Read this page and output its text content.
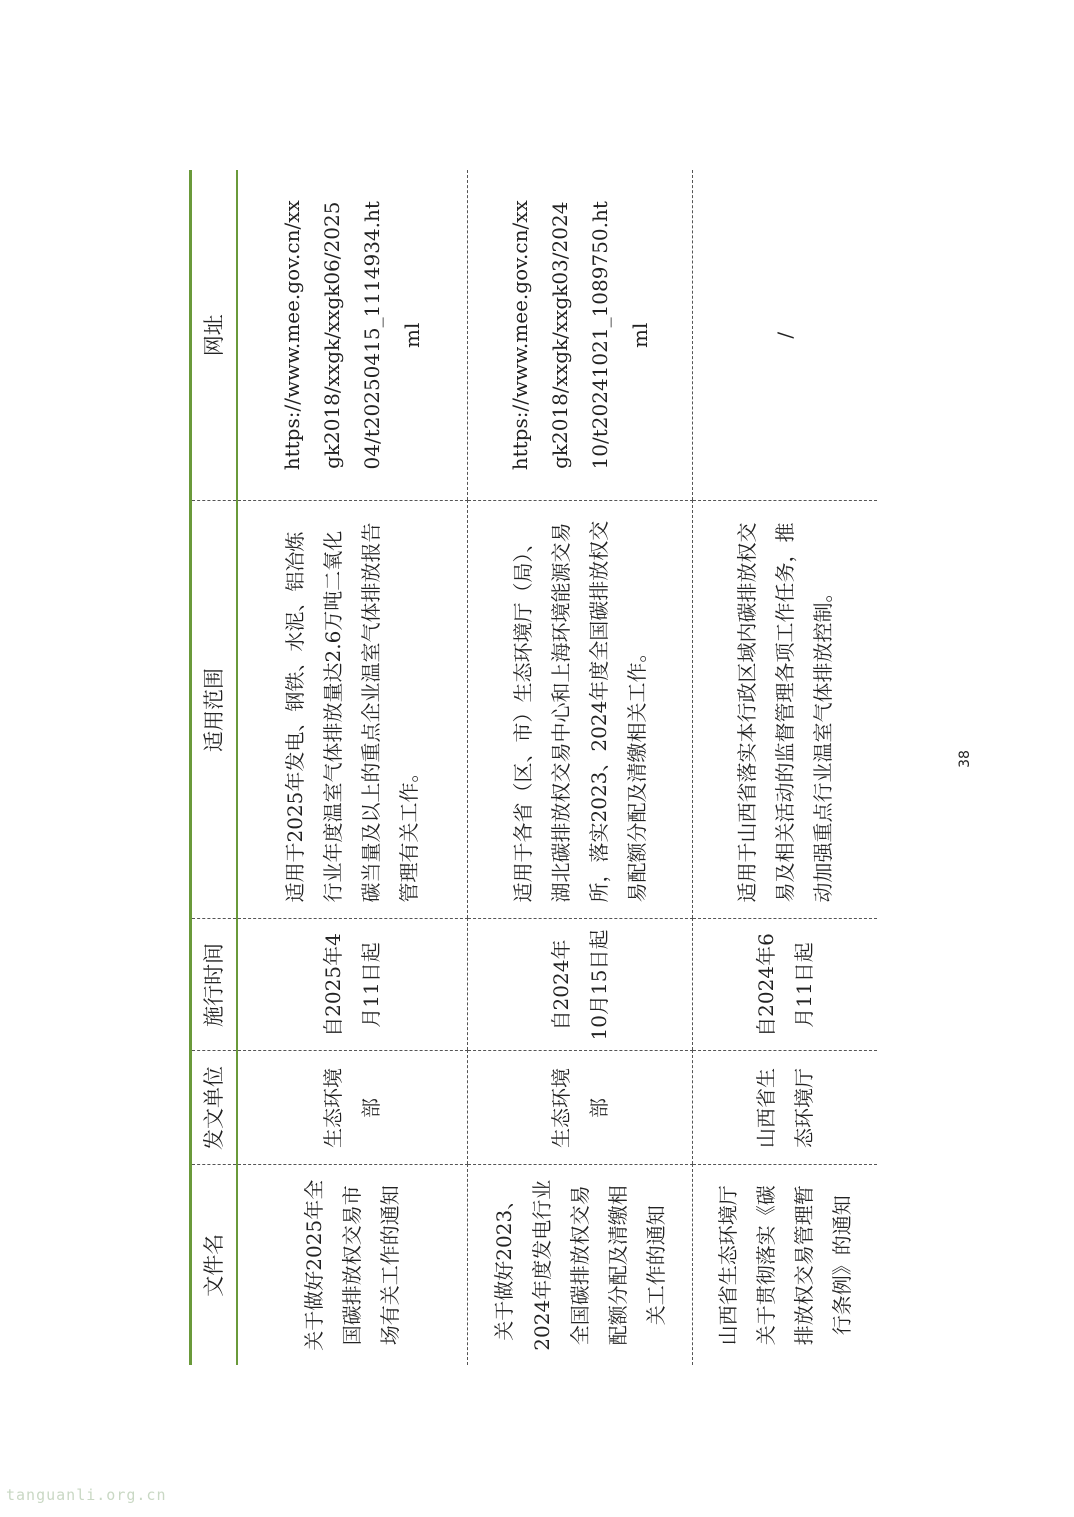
文件名	发文单位	施行时间	适用范围	网址
关于做好2025年全国碳排放权交易市场有关工作的通知	生态环境部	自2025年4月11日起	适用于2025年发电、钢铁、水泥、铝冶炼行业年度温室气体排放量达2.6万吨二氧化碳当量及以上的重点企业温室气体排放报告管理有关工作。	https://www.mee.gov.cn/xxgk2018/xxgk/xxgk06/202504/t20250415_1114934.html
关于做好2023、2024年度发电行业全国碳排放权交易配额分配及清缴相关工作的通知	生态环境部	自2024年10月15日起	适用于各省（区、市）生态环境厅（局）、湖北碳排放权交易中心和上海环境能源交易所，落实2023、2024年度全国碳排放权交易配额分配及清缴相关工作。	https://www.mee.gov.cn/xxgk2018/xxgk/xxgk03/202410/t20241021_1089750.html
山西省生态环境厅关于贯彻落实《碳排放权交易管理暂行条例》的通知	山西省生态环境厅	自2024年6月11日起	适用于山西省落实本行政区域内碳排放权交易及相关活动的监督管理各项工作任务，推动加强重点行业温室气体排放控制。	/
38
tanguanli.org.cn
